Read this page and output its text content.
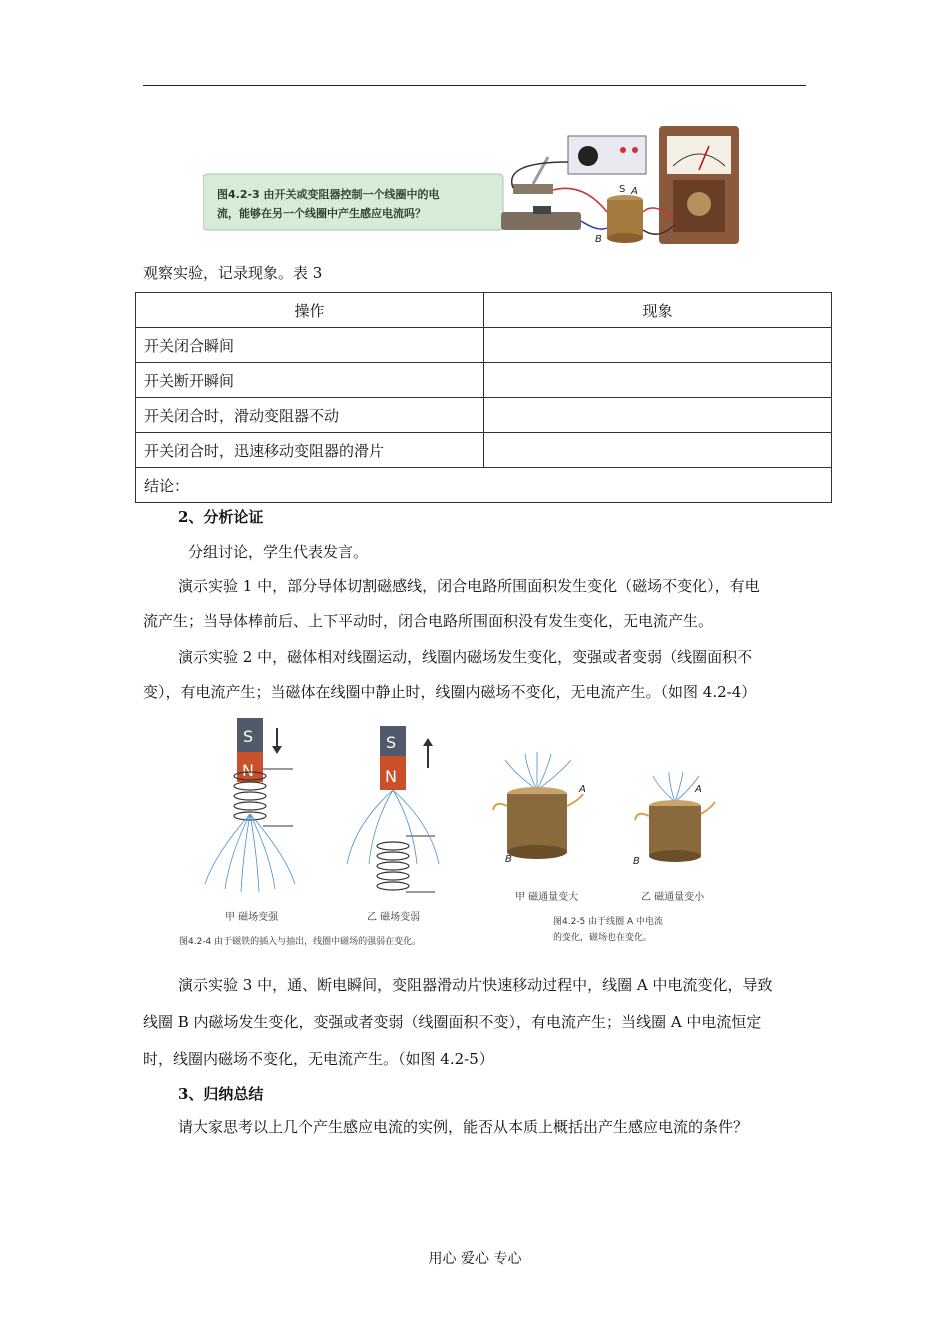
图4.2-3 由开关或变阻器控制一个线圈中的电
流，能够在另一个线圈中产生感应电流吗？
S A
B
观察实验，记录现象。表 3
操作	现象
开关闭合瞬间	
开关断开瞬间	
开关闭合时，滑动变阻器不动	
开关闭合时，迅速移动变阻器的滑片	
结论：	
2、分析论证
分组讨论，学生代表发言。
演示实验 1 中，部分导体切割磁感线，闭合电路所围面积发生变化（磁场不变化），有电
流产生；当导体棒前后、上下平动时，闭合电路所围面积没有发生变化，无电流产生。
演示实验 2 中，磁体相对线圈运动，线圈内磁场发生变化，变强或者变弱（线圈面积不
变），有电流产生；当磁体在线圈中静止时，线圈内磁场不变化，无电流产生。（如图 4.2-4）
S
N
甲 磁场变强
S
N
乙 磁场变弱
图4.2-4 由于磁铁的插入与抽出，线圈中磁场的强弱在变化。
A
B
甲 磁通量变大
A
B
乙 磁通量变小
图4.2-5 由于线圈 A 中电流
的变化，磁场也在变化。
演示实验 3 中，通、断电瞬间，变阻器滑动片快速移动过程中，线圈 A 中电流变化，导致
线圈 B 内磁场发生变化，变强或者变弱（线圈面积不变），有电流产生；当线圈 A 中电流恒定
时，线圈内磁场不变化，无电流产生。（如图 4.2-5）
3、归纳总结
请大家思考以上几个产生感应电流的实例，能否从本质上概括出产生感应电流的条件？
用心 爱心 专心
